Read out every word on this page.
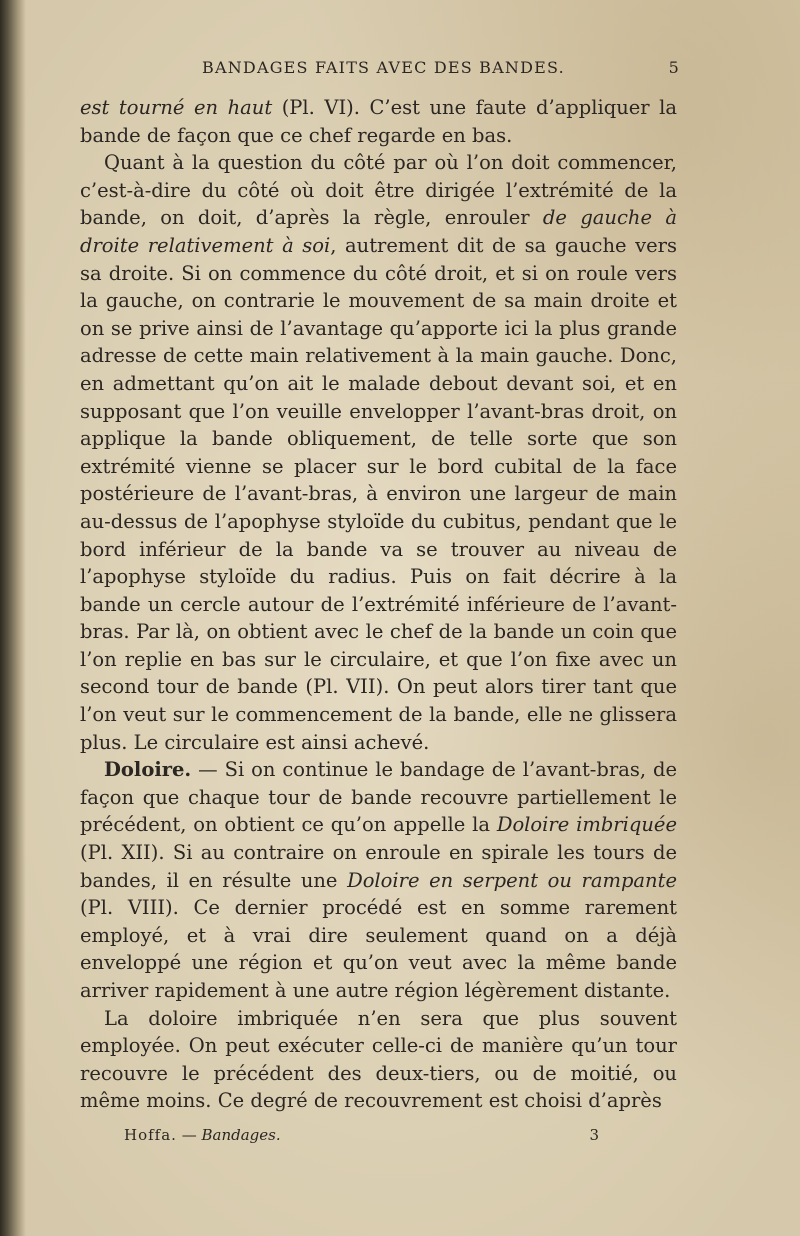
BANDAGES FAITS AVEC DES BANDES.	5

est tourné en haut (Pl. VI). C’est une faute d’appliquer la bande de façon que ce chef regarde en bas.

Quant à la question du côté par où l’on doit commencer, c’est-à-dire du côté où doit être dirigée l’extrémité de la bande, on doit, d’après la règle, enrouler de gauche à droite relativement à soi, autrement dit de sa gauche vers sa droite. Si on commence du côté droit, et si on roule vers la gauche, on contrarie le mouvement de sa main droite et on se prive ainsi de l’avantage qu’apporte ici la plus grande adresse de cette main relativement à la main gauche. Donc, en admettant qu’on ait le malade debout devant soi, et en supposant que l’on veuille envelopper l’avant-bras droit, on applique la bande obliquement, de telle sorte que son extrémité vienne se placer sur le bord cubital de la face postérieure de l’avant-bras, à environ une largeur de main au-dessus de l’apophyse styloïde du cubitus, pendant que le bord inférieur de la bande va se trouver au niveau de l’apophyse styloïde du radius. Puis on fait décrire à la bande un cercle autour de l’extrémité inférieure de l’avant-bras. Par là, on obtient avec le chef de la bande un coin que l’on replie en bas sur le circulaire, et que l’on fixe avec un second tour de bande (Pl. VII). On peut alors tirer tant que l’on veut sur le commencement de la bande, elle ne glissera plus. Le circulaire est ainsi achevé.

Doloire. — Si on continue le bandage de l’avant-bras, de façon que chaque tour de bande recouvre partiellement le précédent, on obtient ce qu’on appelle la Doloire imbriquée (Pl. XII). Si au contraire on enroule en spirale les tours de bandes, il en résulte une Doloire en serpent ou rampante (Pl. VIII). Ce dernier procédé est en somme rarement employé, et à vrai dire seulement quand on a déjà enveloppé une région et qu’on veut avec la même bande arriver rapidement à une autre région légèrement distante.

La doloire imbriquée n’en sera que plus souvent employée. On peut exécuter celle-ci de manière qu’un tour recouvre le précédent des deux-tiers, ou de moitié, ou même moins. Ce degré de recouvrement est choisi d’après

Hoffa. — Bandages.	3
